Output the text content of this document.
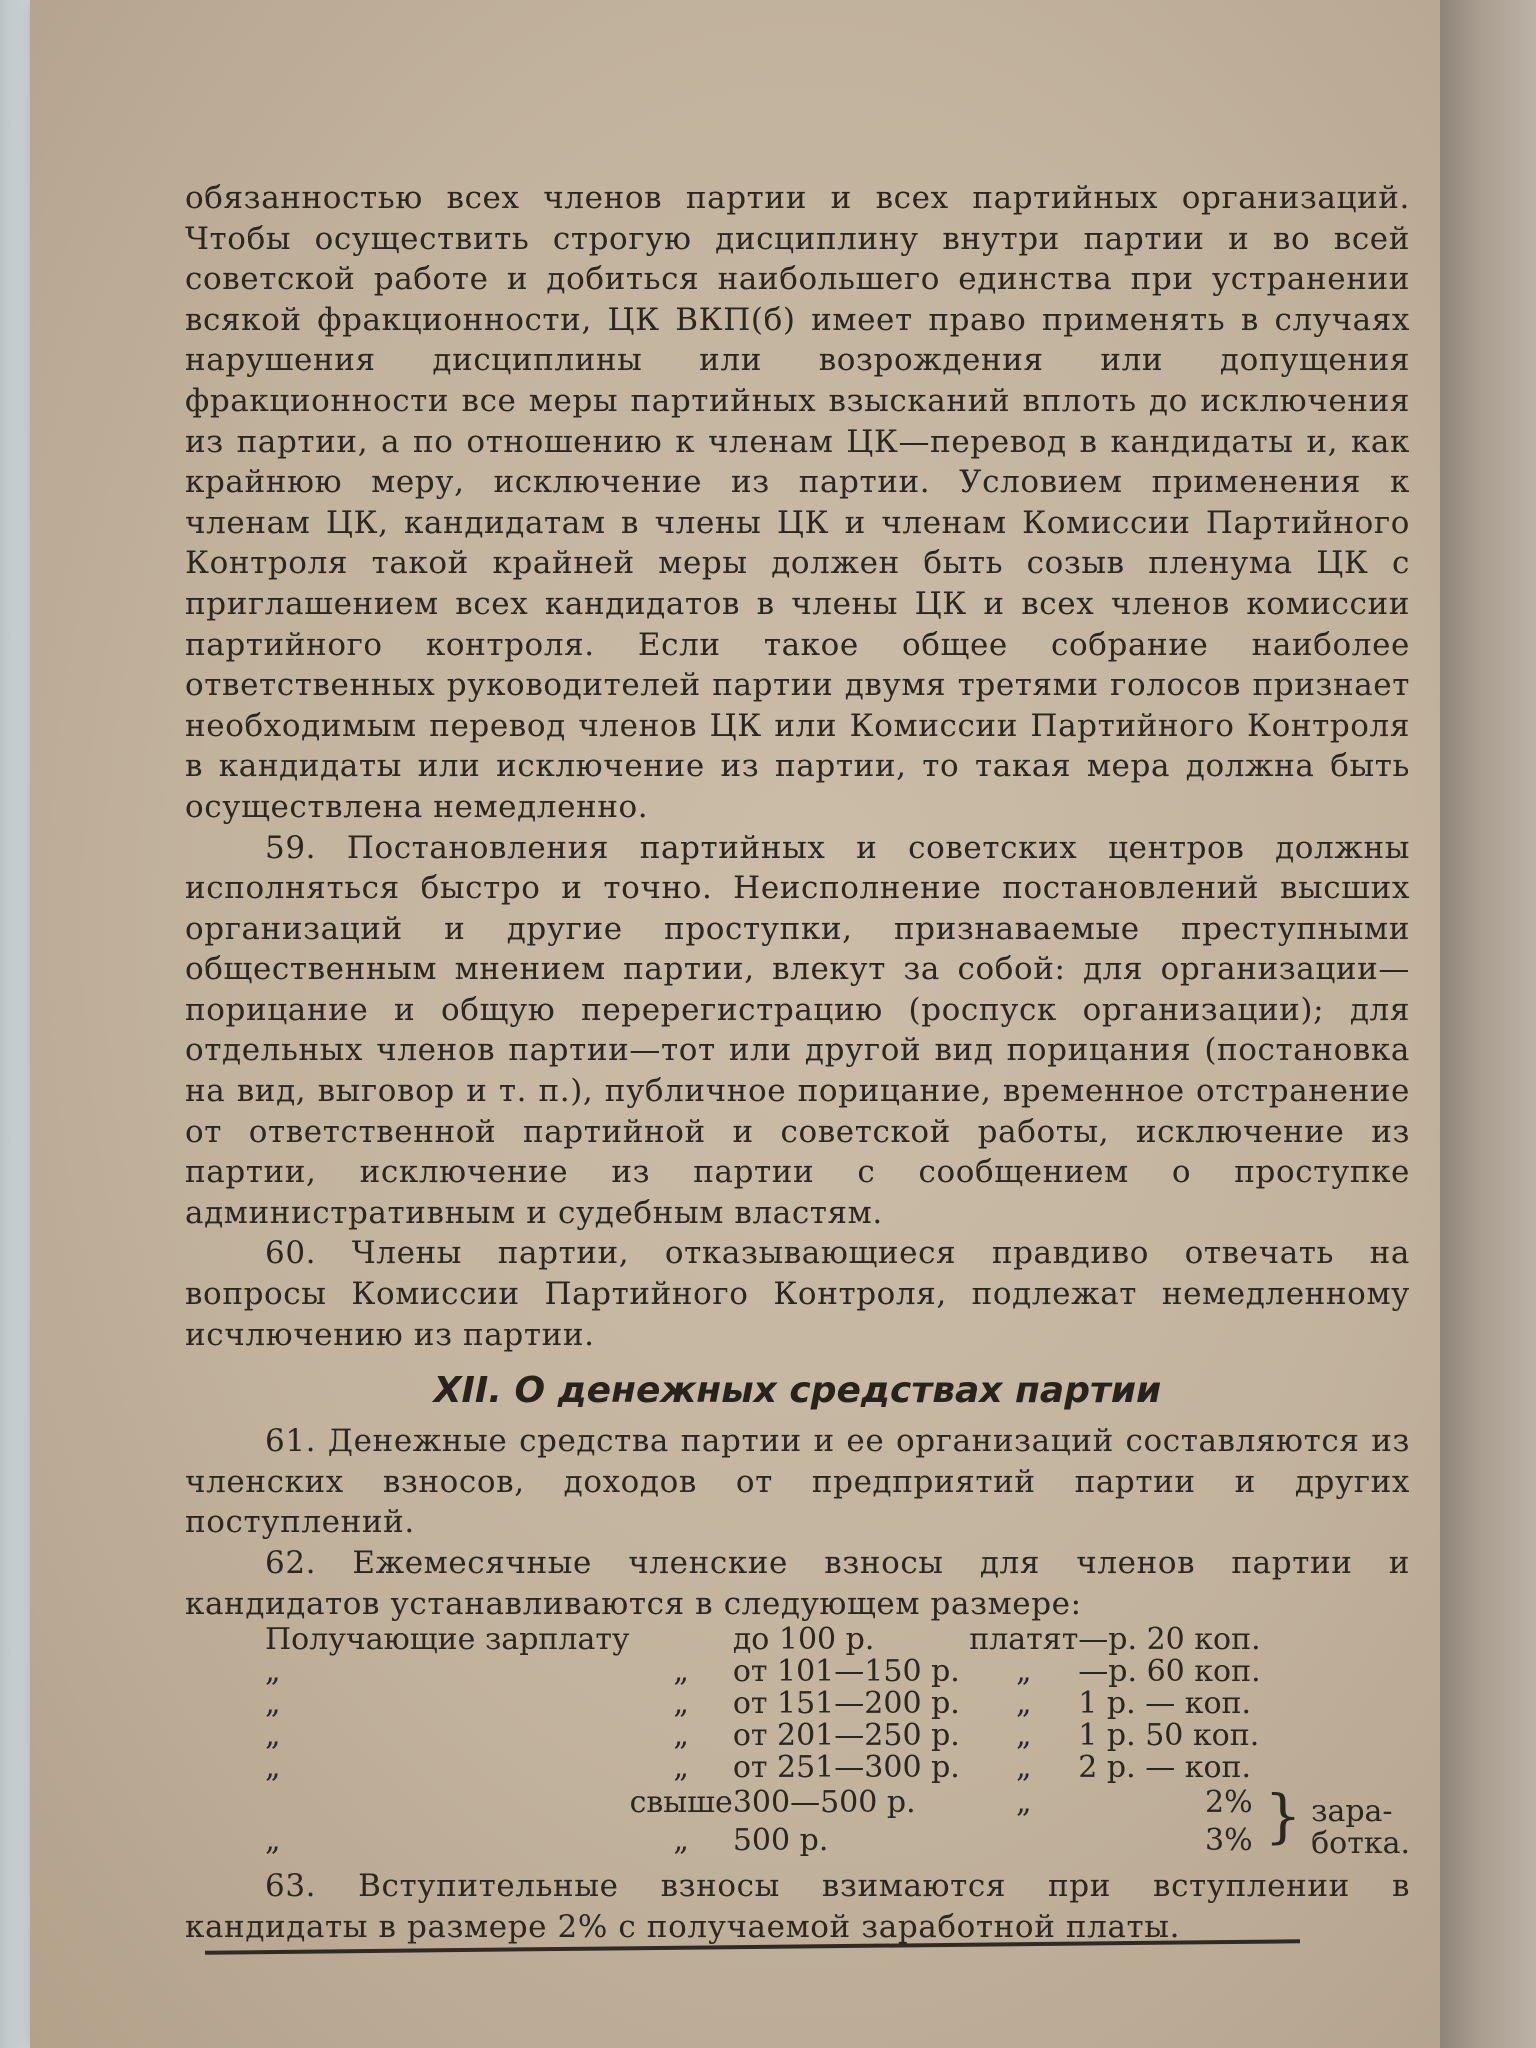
обязанностью всех членов партии и всех партийных организаций. Чтобы осуществить строгую дисциплину внутри партии и во всей советской работе и добиться наибольшего единства при устранении всякой фракционности, ЦК ВКП(б) имеет право применять в случаях нарушения дисциплины или возрождения или допущения фракционности все меры партийных взысканий вплоть до исключения из партии, а по отношению к членам ЦК—перевод в кандидаты и, как крайнюю меру, исключение из партии. Условием применения к членам ЦК, кандидатам в члены ЦК и членам Комиссии Партийного Контроля такой крайней меры должен быть созыв пленума ЦК с приглашением всех кандидатов в члены ЦК и всех членов комиссии партийного контроля. Если такое общее собрание наиболее ответственных руководителей партии двумя третями голосов признает необходимым перевод членов ЦК или Комиссии Партийного Контроля в кандидаты или исключение из партии, то такая мера должна быть осуществлена немедленно.

59. Постановления партийных и советских центров должны исполняться быстро и точно. Неисполнение постановлений высших организаций и другие проступки, признаваемые преступными общественным мнением партии, влекут за собой: для организации—порицание и общую перерегистрацию (роспуск организации); для отдельных членов партии—тот или другой вид порицания (постановка на вид, выговор и т. п.), публичное порицание, временное отстранение от ответственной партийной и советской работы, исключение из партии, исключение из партии с сообщением о проступке административным и судебным властям.

60. Члены партии, отказывающиеся правдиво отвечать на вопросы Комиссии Партийного Контроля, подлежат немедленному исчлючению из партии.

XII. О денежных средствах партии

61. Денежные средства партии и ее организаций составляются из членских взносов, доходов от предприятий партии и других поступлений.

62. Ежемесячные членские взносы для членов партии и кандидатов устанавливаются в следующем размере:

Получающие зарплату		до 100 р.	платят	—р. 20 коп.	
„	„	от 101—150 р.	„	—р. 60 коп.	
„	„	от 151—200 р.	„	1 р. — коп.	
„	„	от 201—250 р.	„	1 р. 50 коп.	
„	„	от 251—300 р.	„	2 р. — коп.	
	свыше	300—500 р.	„	2%	} зара-
ботка.

„	„	500 р.		3%	

63. Вступительные взносы взимаются при вступлении в кандидаты в размере 2% с получаемой заработной платы.
